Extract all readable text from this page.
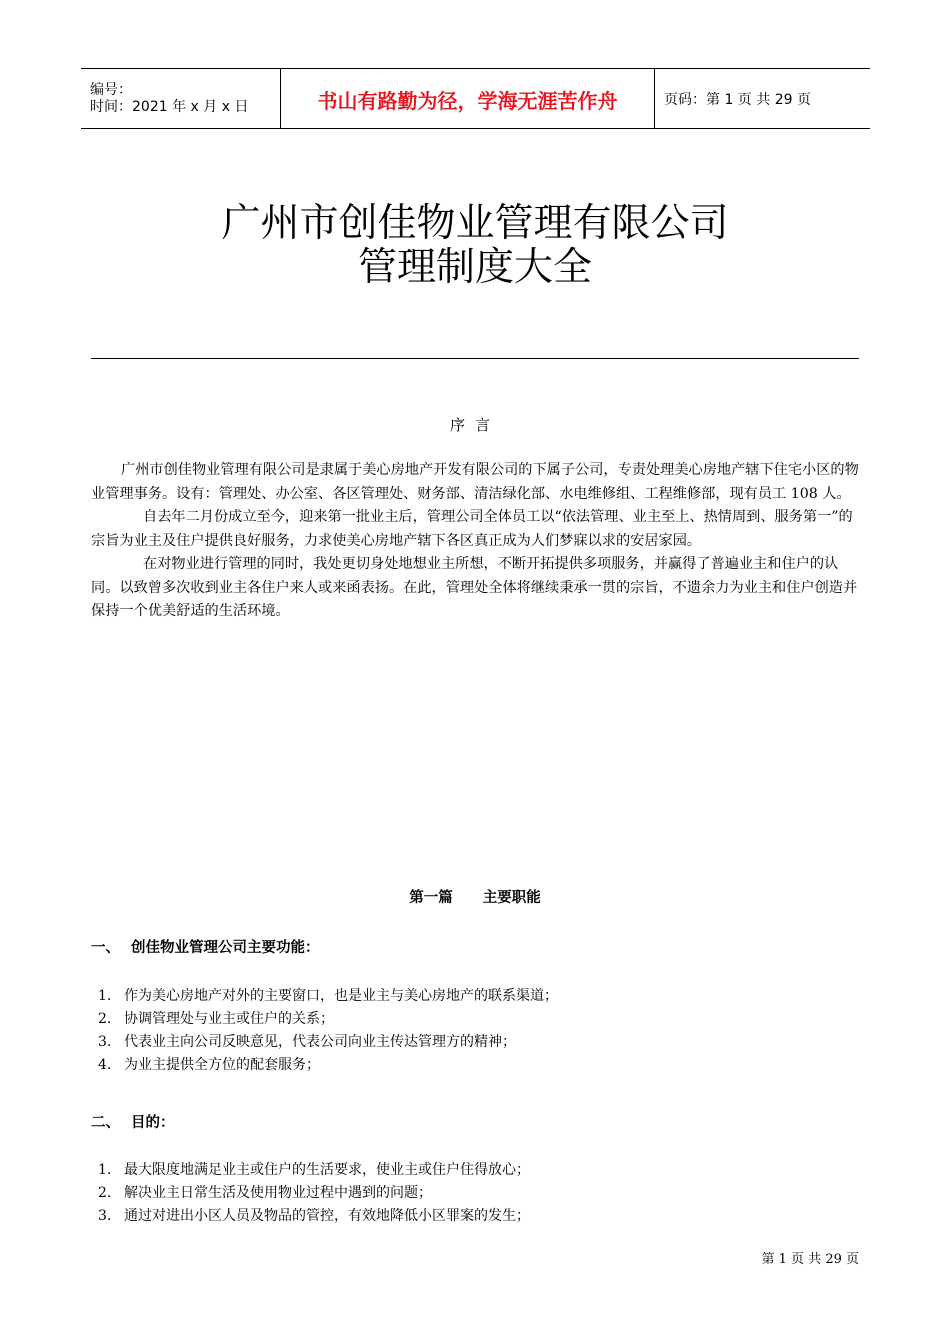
编号：
时间：2021 年 x 月 x 日	书山有路勤为径，学海无涯苦作舟	页码：第 1 页 共 29 页
广州市创佳物业管理有限公司
管理制度大全
序言

广州市创佳物业管理有限公司是隶属于美心房地产开发有限公司的下属子公司，专责处理美心房地产辖下住宅小区的物业管理事务。设有：管理处、办公室、各区管理处、财务部、清洁绿化部、水电维修组、工程维修部，现有员工 108 人。

自去年二月份成立至今，迎来第一批业主后，管理公司全体员工以“依法管理、业主至上、热情周到、服务第一”的宗旨为业主及住户提供良好服务，力求使美心房地产辖下各区真正成为人们梦寐以求的安居家园。

在对物业进行管理的同时，我处更切身处地想业主所想，不断开拓提供多项服务，并赢得了普遍业主和住户的认同。以致曾多次收到业主各住户来人或来函表扬。在此，管理处全体将继续秉承一贯的宗旨，不遗余力为业主和住户创造并保持一个优美舒适的生活环境。

第一篇 主要职能
一、 创佳物业管理公司主要功能：
1. 作为美心房地产对外的主要窗口，也是业主与美心房地产的联系渠道；
2. 协调管理处与业主或住户的关系；
3. 代表业主向公司反映意见，代表公司向业主传达管理方的精神；
4. 为业主提供全方位的配套服务；
二、 目的：
1. 最大限度地满足业主或住户的生活要求，使业主或住户住得放心；
2. 解决业主日常生活及使用物业过程中遇到的问题；
3. 通过对进出小区人员及物品的管控，有效地降低小区罪案的发生；
第 1 页 共 29 页
